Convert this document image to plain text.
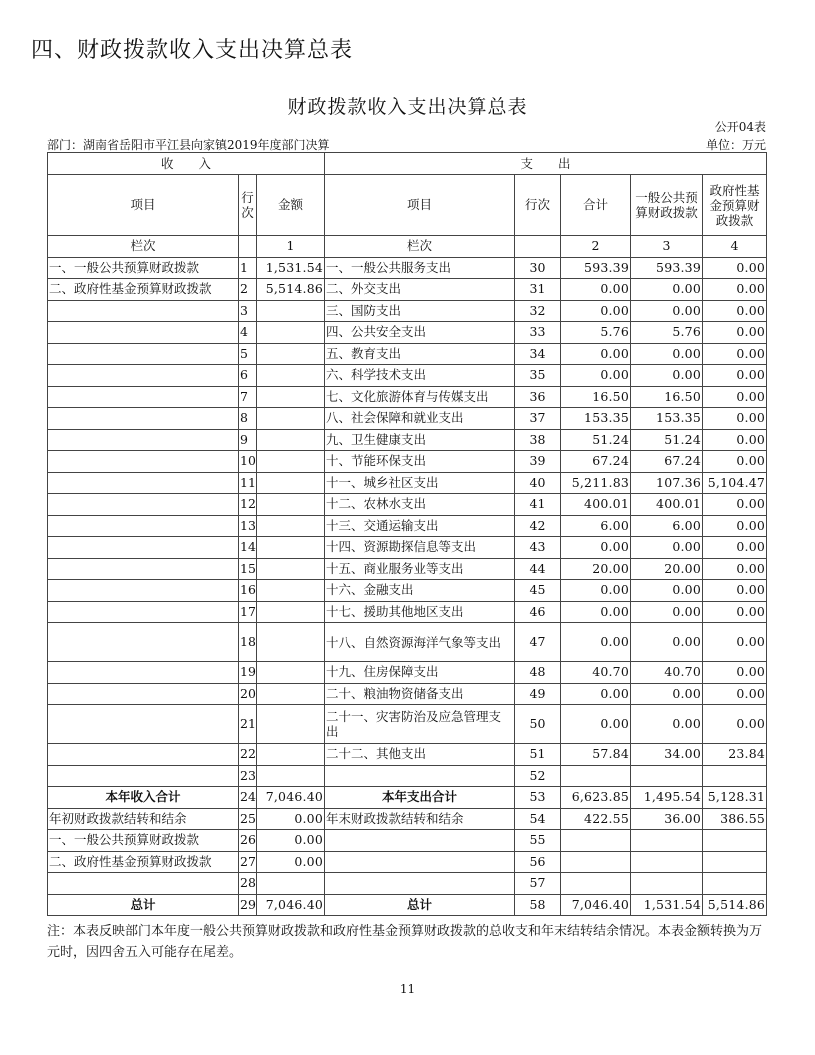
四、财政拨款收入支出决算总表
财政拨款收入支出决算总表
公开04表
部门：湖南省岳阳市平江县向家镇2019年度部门决算	单位：万元
收　　入			支　　出				
项目	行次	金额	项目	行次	合计	一般公共预算财政拨款	政府性基金预算财政拨款
栏次		1	栏次		2	3	4
一、一般公共预算财政拨款	1	1,531.54	一、一般公共服务支出	30	593.39	593.39	0.00
二、政府性基金预算财政拨款	2	5,514.86	二、外交支出	31	0.00	0.00	0.00
	3		三、国防支出	32	0.00	0.00	0.00
	4		四、公共安全支出	33	5.76	5.76	0.00
	5		五、教育支出	34	0.00	0.00	0.00
	6		六、科学技术支出	35	0.00	0.00	0.00
	7		七、文化旅游体育与传媒支出	36	16.50	16.50	0.00
	8		八、社会保障和就业支出	37	153.35	153.35	0.00
	9		九、卫生健康支出	38	51.24	51.24	0.00
	10		十、节能环保支出	39	67.24	67.24	0.00
	11		十一、城乡社区支出	40	5,211.83	107.36	5,104.47
	12		十二、农林水支出	41	400.01	400.01	0.00
	13		十三、交通运输支出	42	6.00	6.00	0.00
	14		十四、资源勘探信息等支出	43	0.00	0.00	0.00
	15		十五、商业服务业等支出	44	20.00	20.00	0.00
	16		十六、金融支出	45	0.00	0.00	0.00
	17		十七、援助其他地区支出	46	0.00	0.00	0.00
	18		十八、自然资源海洋气象等支出	47	0.00	0.00	0.00
	19		十九、住房保障支出	48	40.70	40.70	0.00
	20		二十、粮油物资储备支出	49	0.00	0.00	0.00
	21		二十一、灾害防治及应急管理支出	50	0.00	0.00	0.00
	22		二十二、其他支出	51	57.84	34.00	23.84
	23			52			
本年收入合计	24	7,046.40	本年支出合计	53	6,623.85	1,495.54	5,128.31
年初财政拨款结转和结余	25	0.00	年末财政拨款结转和结余	54	422.55	36.00	386.55
一、一般公共预算财政拨款	26	0.00		55			
二、政府性基金预算财政拨款	27	0.00		56			
	28			57			
总计	29	7,046.40	总计	58	7,046.40	1,531.54	5,514.86
注：本表反映部门本年度一般公共预算财政拨款和政府性基金预算财政拨款的总收支和年末结转结余情况。本表金额转换为万元时，因四舍五入可能存在尾差。
11
